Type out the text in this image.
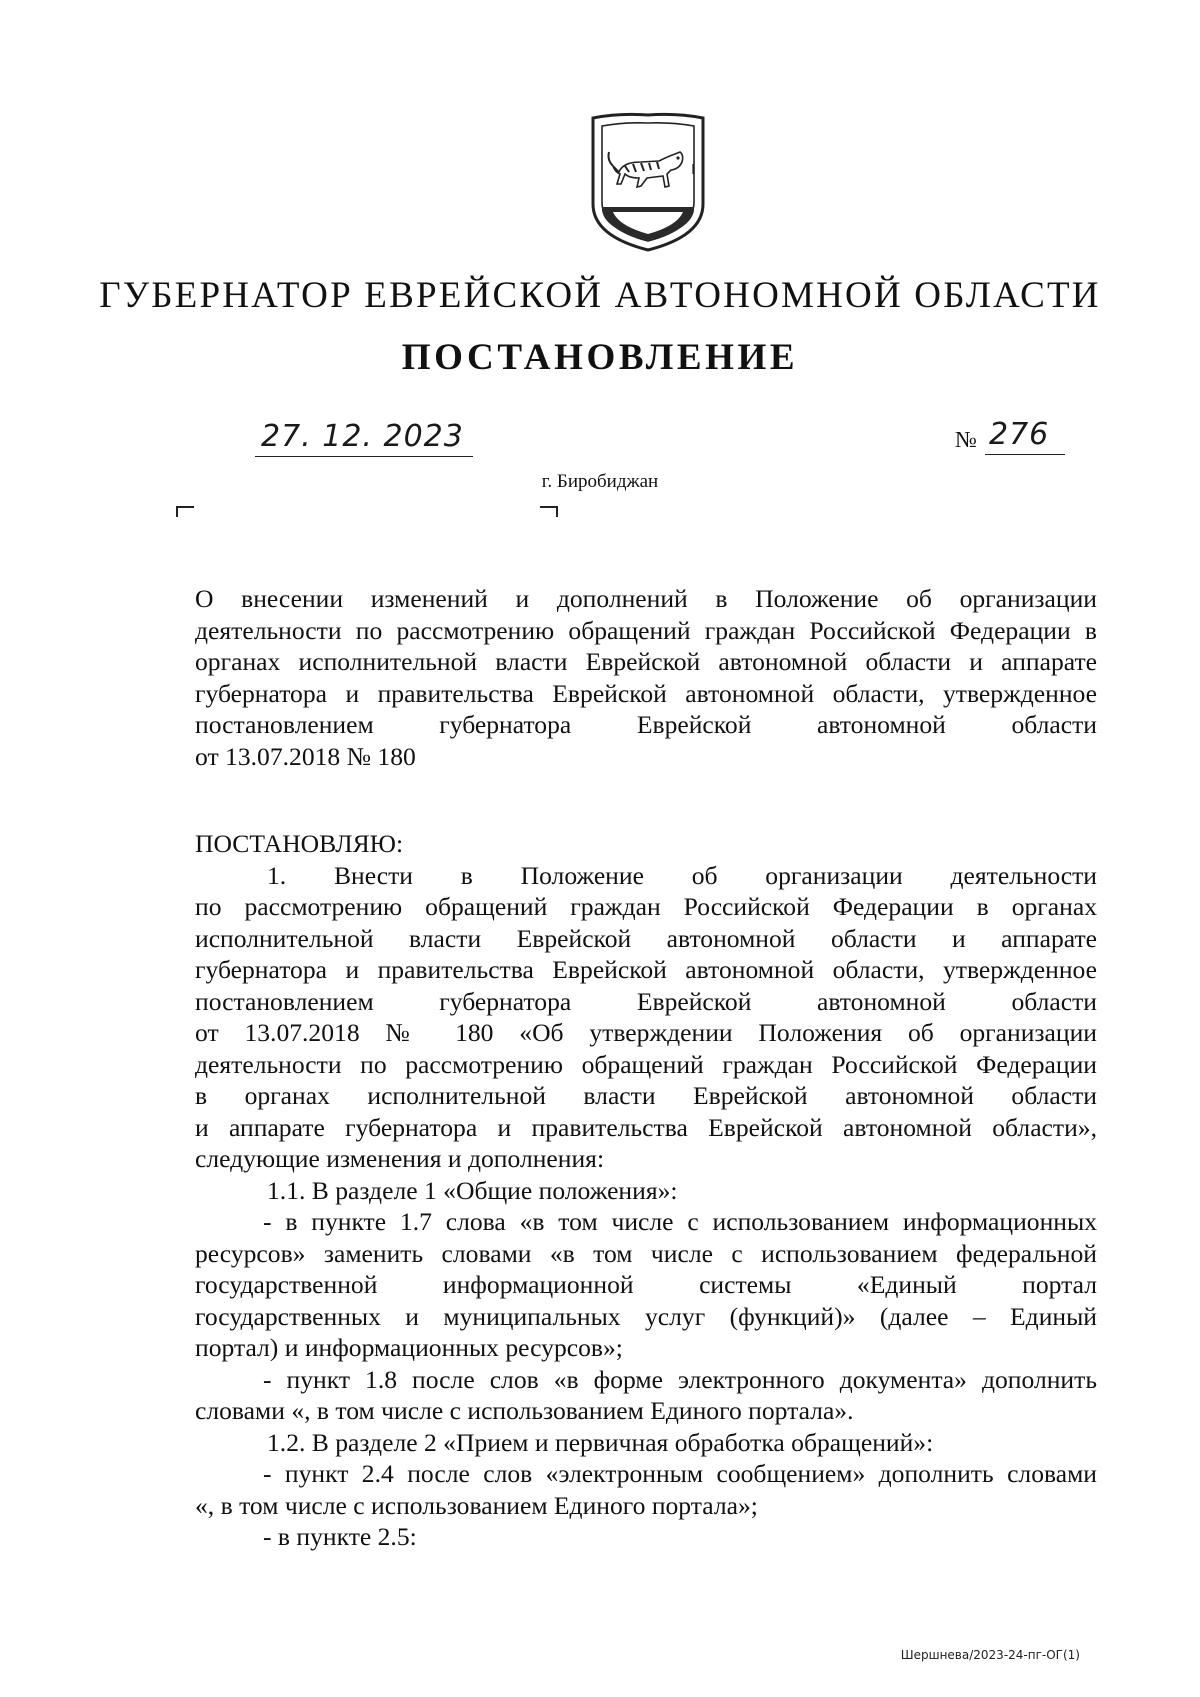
ГУБЕРНАТОР ЕВРЕЙСКОЙ АВТОНОМНОЙ ОБЛАСТИ
ПОСТАНОВЛЕНИЕ
27. 12. 2023	№ 276
г. Биробиджан
О внесении изменений и дополнений в Положение об организации
деятельности по рассмотрению обращений граждан Российской Федерации в
органах исполнительной власти Еврейской автономной области и аппарате
губернатора и правительства Еврейской автономной области, утвержденное
постановлением губернатора Еврейской автономной области
от 13.07.2018 № 180
ПОСТАНОВЛЯЮ:
1. Внести в Положение об организации деятельности
по рассмотрению обращений граждан Российской Федерации в органах
исполнительной власти Еврейской автономной области и аппарате
губернатора и правительства Еврейской автономной области, утвержденное
постановлением губернатора Еврейской автономной области
от 13.07.2018 № 180 «Об утверждении Положения об организации
деятельности по рассмотрению обращений граждан Российской Федерации
в органах исполнительной власти Еврейской автономной области
и аппарате губернатора и правительства Еврейской автономной области»,
следующие изменения и дополнения:
1.1. В разделе 1 «Общие положения»:
- в пункте 1.7 слова «в том числе с использованием информационных
ресурсов» заменить словами «в том числе с использованием федеральной
государственной информационной системы «Единый портал
государственных и муниципальных услуг (функций)» (далее – Единый
портал) и информационных ресурсов»;
- пункт 1.8 после слов «в форме электронного документа» дополнить
словами «, в том числе с использованием Единого портала».
1.2. В разделе 2 «Прием и первичная обработка обращений»:
- пункт 2.4 после слов «электронным сообщением» дополнить словами
«, в том числе с использованием Единого портала»;
- в пункте 2.5:
Шершнева/2023-24-пг-ОГ(1)
